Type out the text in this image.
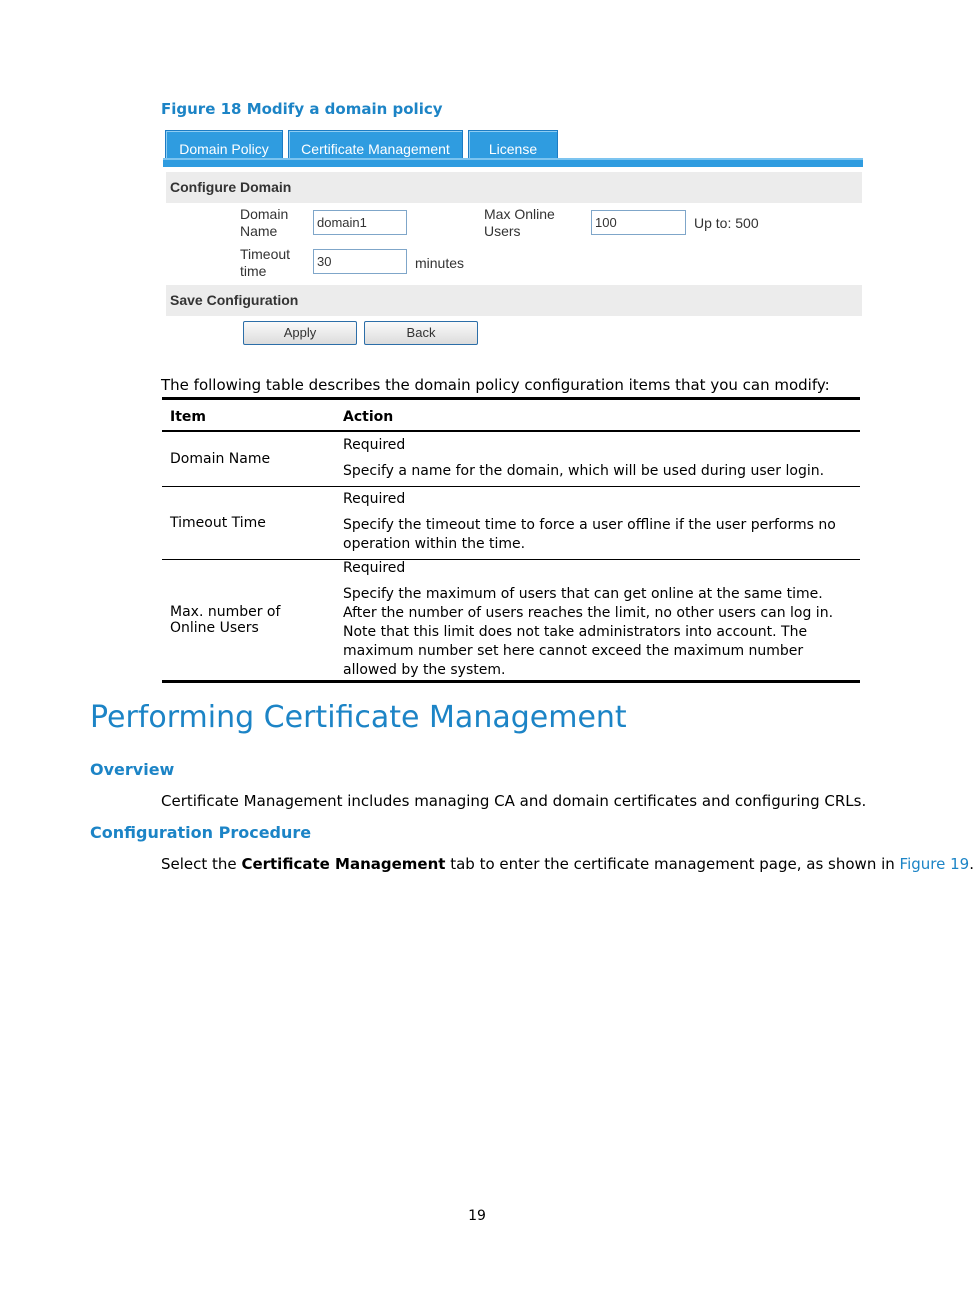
Figure 18 Modify a domain policy
Domain Policy	Certificate Management	License
Configure Domain
Domain
Name
domain1
Max Online
Users
100	Up to: 500
Timeout
time
30	minutes
Save Configuration
Apply	Back
The following table describes the domain policy configuration items that you can modify:
Item	Action
Domain Name	Required
Specify a name for the domain, which will be used during user login.

Timeout Time	Required
Specify the timeout time to force a user offline if the user performs no operation within the time.

Max. number of Online Users	Required
Specify the maximum of users that can get online at the same time. After the number of users reaches the limit, no other users can log in. Note that this limit does not take administrators into account. The maximum number set here cannot exceed the maximum number allowed by the system.
Performing Certificate Management
Overview
Certificate Management includes managing CA and domain certificates and configuring CRLs.
Configuration Procedure
Select the Certificate Management tab to enter the certificate management page, as shown in Figure 19.
19
